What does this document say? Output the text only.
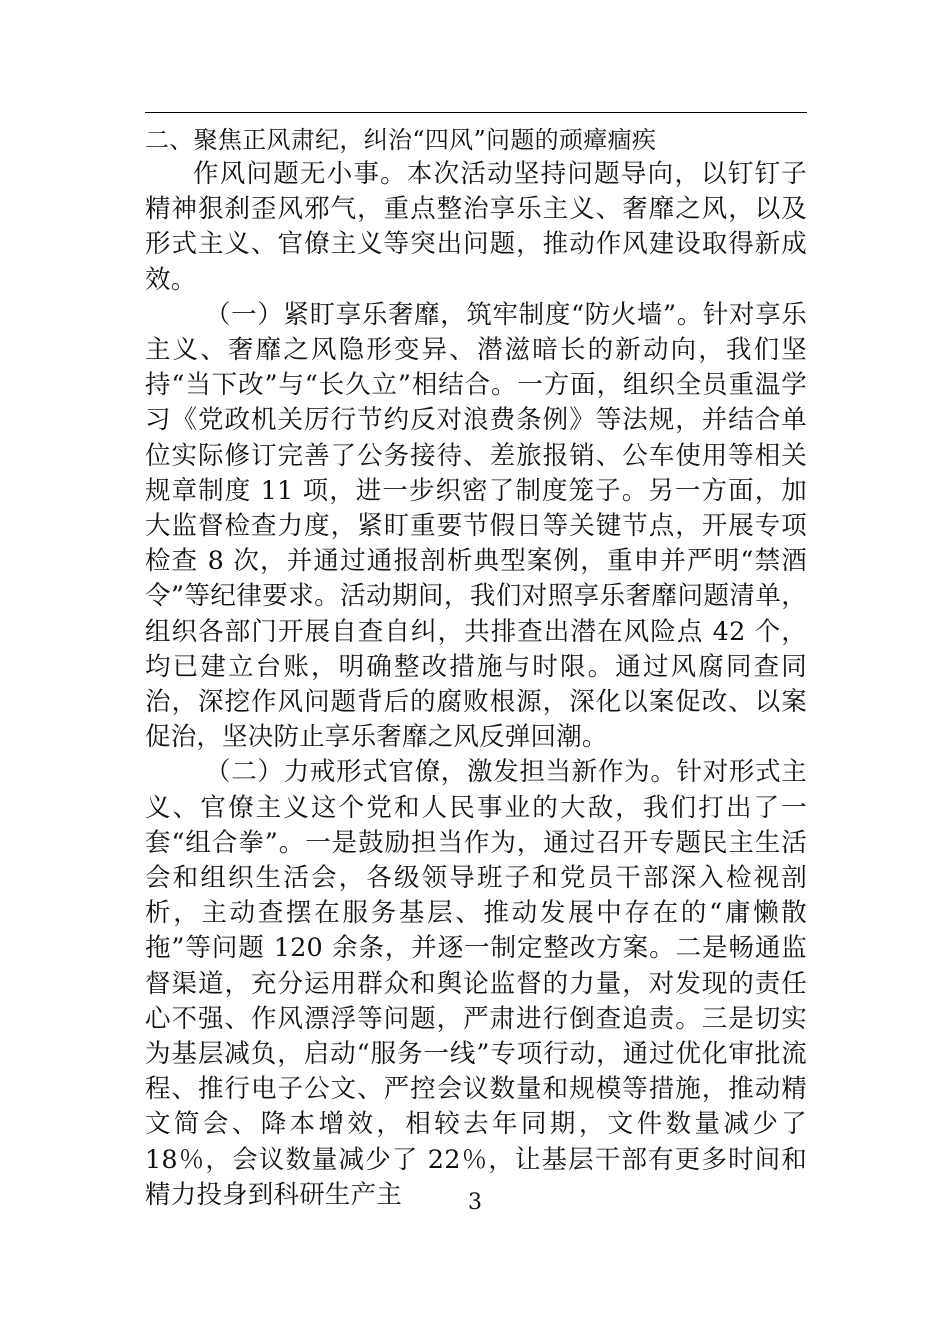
二、聚焦正风肃纪，纠治“四风”问题的顽瘴痼疾

作风问题无小事。本次活动坚持问题导向，以钉钉子精神狠刹歪风邪气，重点整治享乐主义、奢靡之风，以及形式主义、官僚主义等突出问题，推动作风建设取得新成效。

（一）紧盯享乐奢靡，筑牢制度“防火墙”。针对享乐主义、奢靡之风隐形变异、潜滋暗长的新动向，我们坚持“当下改”与“长久立”相结合。一方面，组织全员重温学习《党政机关厉行节约反对浪费条例》等法规，并结合单位实际修订完善了公务接待、差旅报销、公车使用等相关规章制度 11 项，进一步织密了制度笼子。另一方面，加大监督检查力度，紧盯重要节假日等关键节点，开展专项检查 8 次，并通过通报剖析典型案例，重申并严明“禁酒令”等纪律要求。活动期间，我们对照享乐奢靡问题清单，组织各部门开展自查自纠，共排查出潜在风险点 42 个，均已建立台账，明确整改措施与时限。通过风腐同查同治，深挖作风问题背后的腐败根源，深化以案促改、以案促治，坚决防止享乐奢靡之风反弹回潮。

（二）力戒形式官僚，激发担当新作为。针对形式主义、官僚主义这个党和人民事业的大敌，我们打出了一套“组合拳”。一是鼓励担当作为，通过召开专题民主生活会和组织生活会，各级领导班子和党员干部深入检视剖析，主动查摆在服务基层、推动发展中存在的“庸懒散拖”等问题 120 余条，并逐一制定整改方案。二是畅通监督渠道，充分运用群众和舆论监督的力量，对发现的责任心不强、作风漂浮等问题，严肃进行倒查追责。三是切实为基层减负，启动“服务一线”专项行动，通过优化审批流程、推行电子公文、严控会议数量和规模等措施，推动精文简会、降本增效，相较去年同期，文件数量减少了 18％，会议数量减少了 22％，让基层干部有更多时间和精力投身到科研生产主	3
